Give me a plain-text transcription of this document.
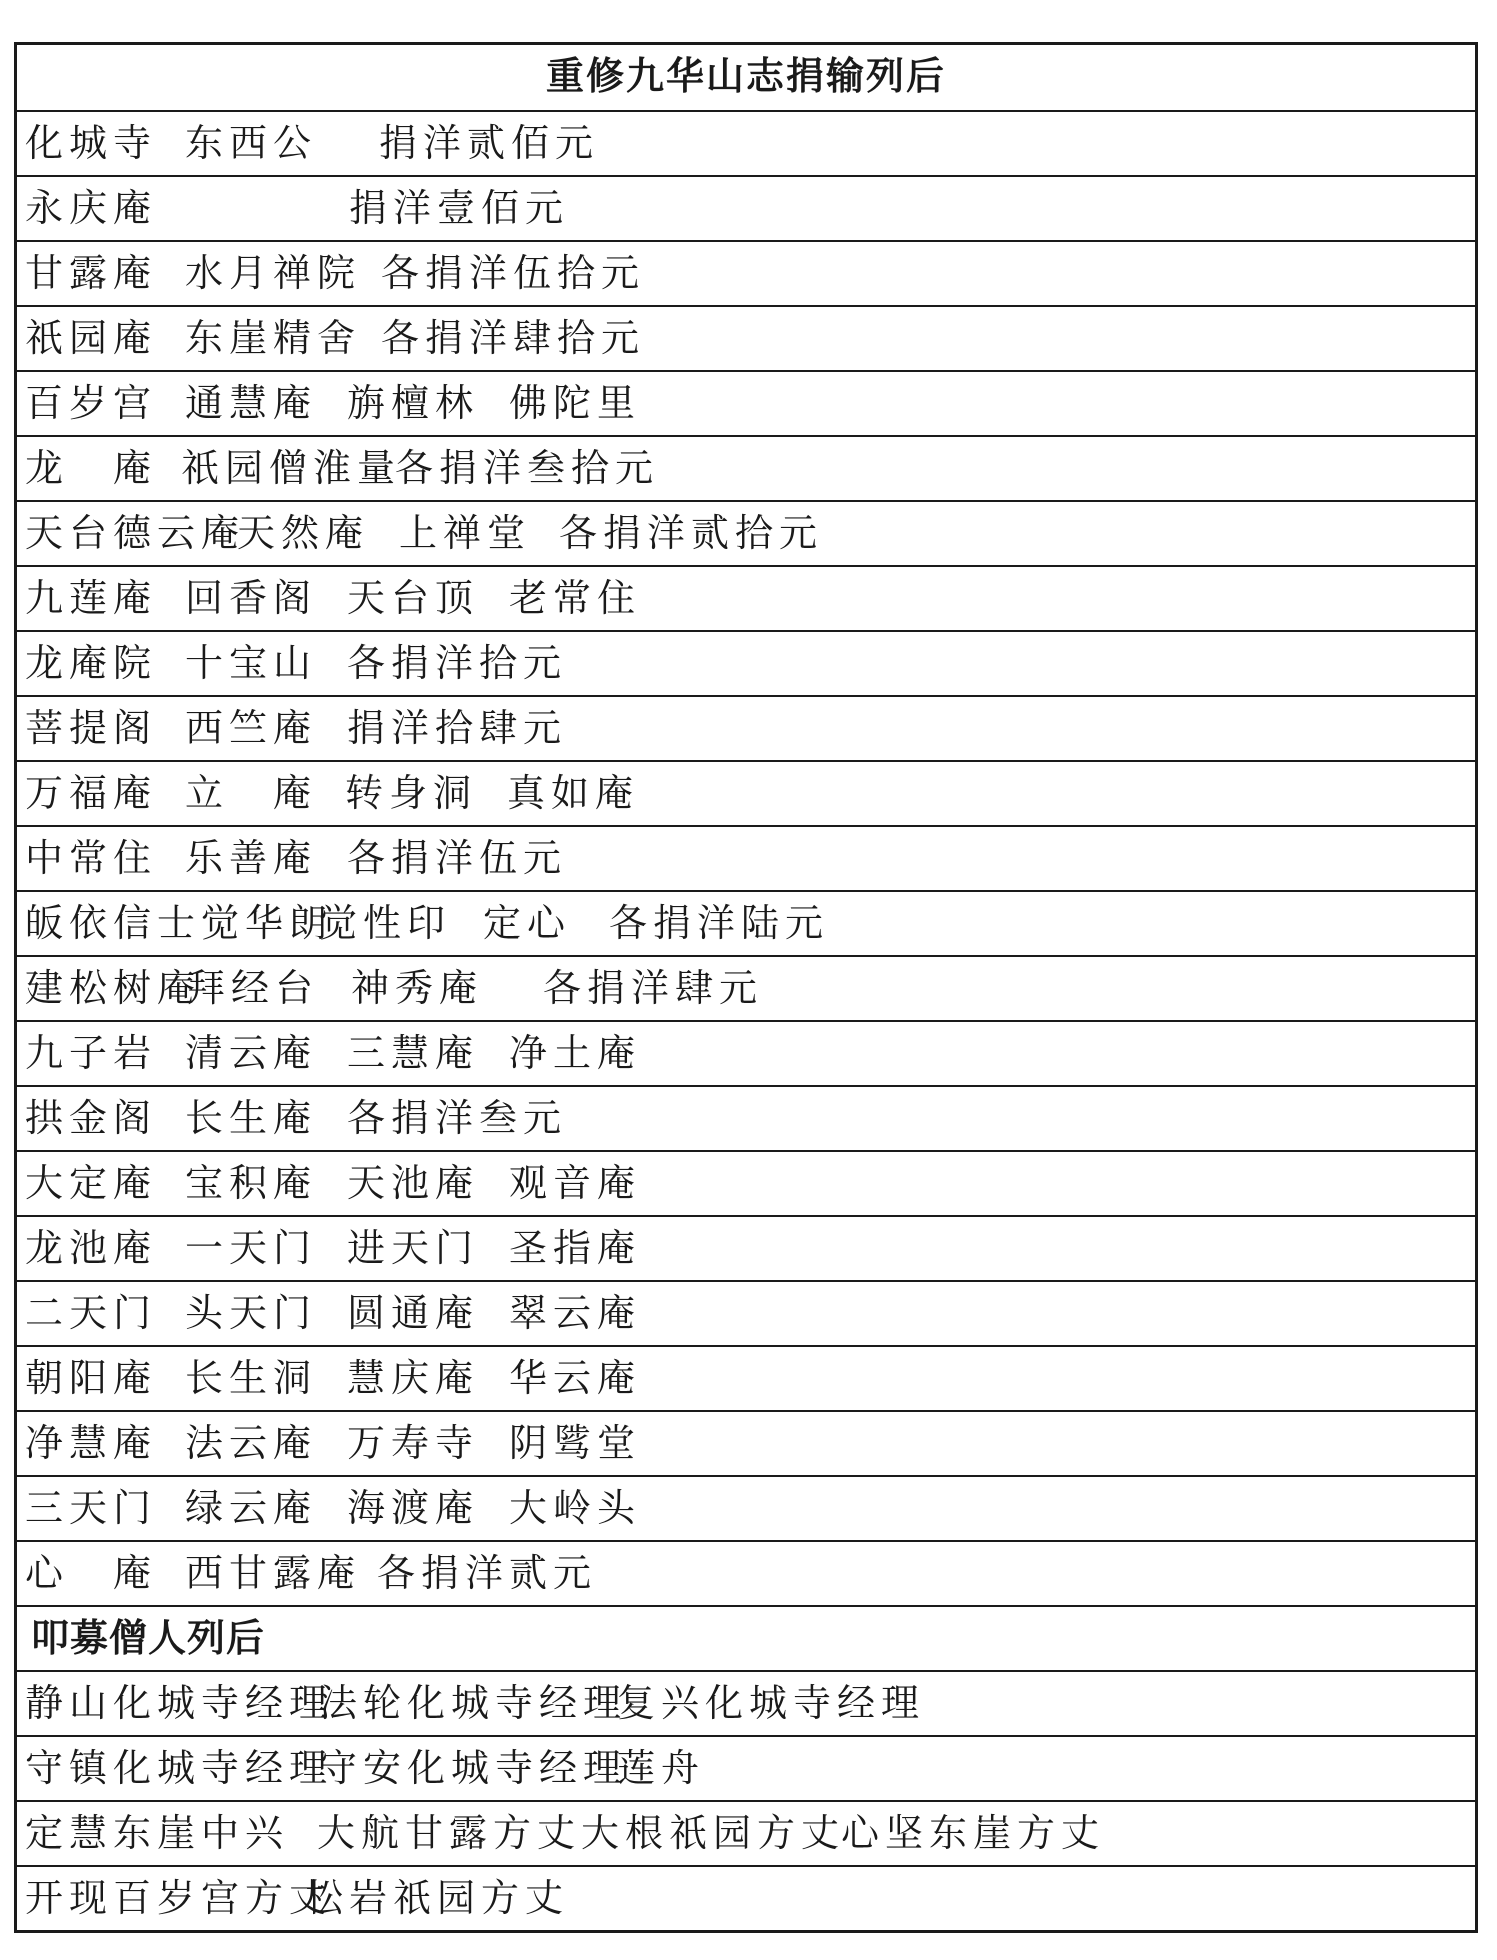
重修九华山志捐输列后
化城寺 东西公 捐洋贰佰元
永庆庵	捐洋壹佰元
甘露庵 水月禅院 各捐洋伍拾元
祇园庵 东崖精舍 各捐洋肆拾元
百岁宫 通慧庵 旃檀林 佛陀里
龙　庵 祇园僧淮量
各捐洋叁拾元
天台德云庵
天然庵 上禅堂 各捐洋贰拾元
九莲庵 回香阁 天台顶 老常住
龙庵院 十宝山 各捐洋拾元
菩提阁 西竺庵 捐洋拾肆元
万福庵 立　庵 转身洞 真如庵
中常住 乐善庵 各捐洋伍元
皈依信士觉华朗
觉性印 定心 各捐洋陆元
建松树庵
拜经台 神秀庵 各捐洋肆元
九子岩 清云庵 三慧庵 净土庵
拱金阁 长生庵 各捐洋叁元
大定庵 宝积庵 天池庵 观音庵
龙池庵 一天门 进天门 圣指庵
二天门 头天门 圆通庵 翠云庵
朝阳庵 长生洞 慧庆庵 华云庵
净慧庵 法云庵 万寿寺 阴骘堂
三天门 绿云庵 海渡庵 大岭头
心　庵 西甘露庵 各捐洋贰元
叩募僧人列后
静山化城寺经理
法轮化城寺经理
复兴化城寺经理
守镇化城寺经理
守安化城寺经理
莲舟
定慧东崖中兴 大航甘露方丈 大根祇园方丈
心坚东崖方丈
开现百岁宫方丈
松岩祇园方丈
